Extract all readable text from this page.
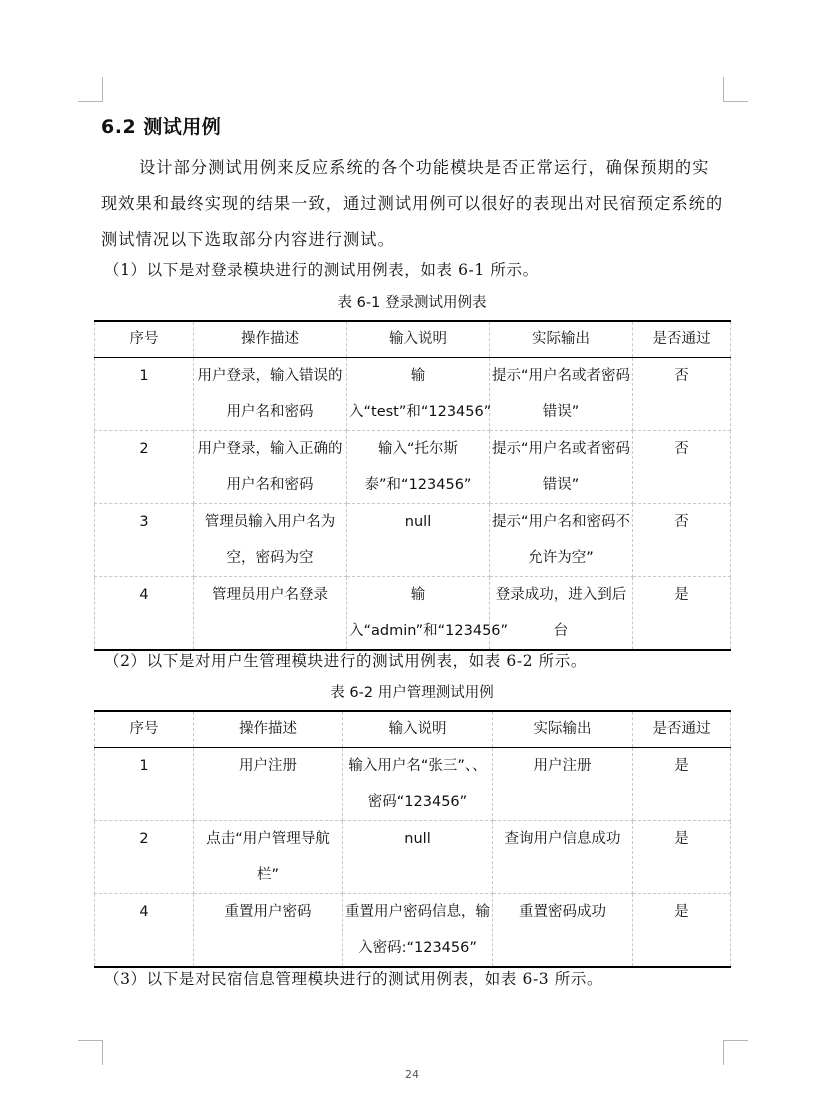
6.2 测试用例
设计部分测试用例来反应系统的各个功能模块是否正常运行，确保预期的实现效果和最终实现的结果一致，通过测试用例可以很好的表现出对民宿预定系统的测试情况以下选取部分内容进行测试。
（1）以下是对登录模块进行的测试用例表，如表 6-1 所示。
表 6-1 登录测试用例表
序号	操作描述	输入说明	实际输出	是否通过
1	用户登录，输入错误的用户名和密码	输入“test”和“123456”	提示“用户名或者密码错误”	否
2	用户登录，输入正确的用户名和密码	输入“托尔斯泰”和“123456”	提示“用户名或者密码错误”	否
3	管理员输入用户名为空，密码为空	null	提示“用户名和密码不允许为空”	否
4	管理员用户名登录	输入“admin”和“123456”	登录成功，进入到后台	是
（2）以下是对用户生管理模块进行的测试用例表，如表 6-2 所示。
表 6-2 用户管理测试用例
序号	操作描述	输入说明	实际输出	是否通过
1	用户注册	输入用户名“张三”、、密码“123456”	用户注册	是
2	点击“用户管理导航栏”	null	查询用户信息成功	是
4	重置用户密码	重置用户密码信息，输入密码:“123456”	重置密码成功	是
（3）以下是对民宿信息管理模块进行的测试用例表，如表 6-3 所示。
24
